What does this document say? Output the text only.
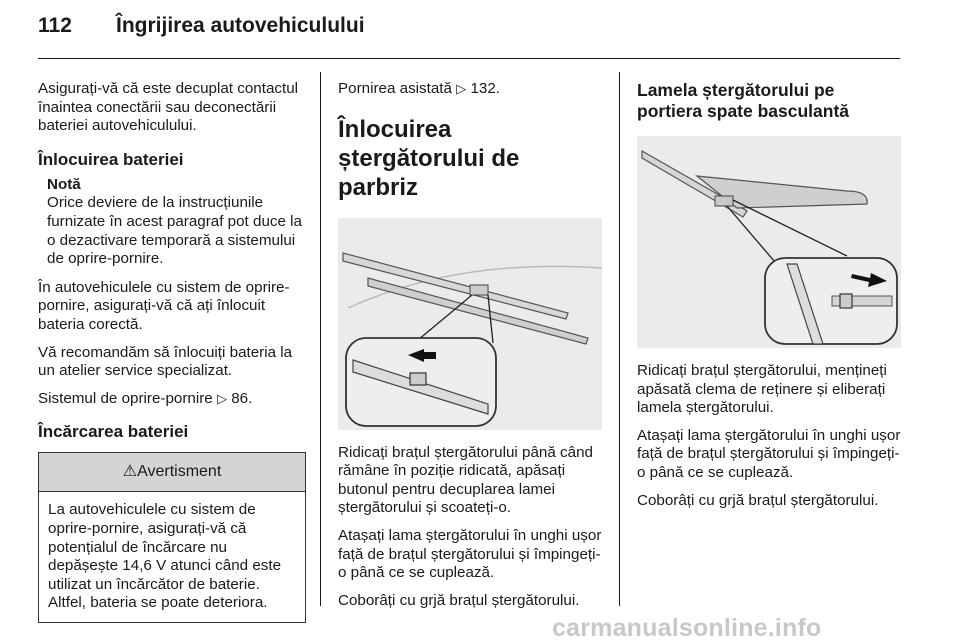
112 Îngrijirea autovehiculului

Asigurați-vă că este decuplat contactul înaintea conectării sau deconectării bateriei autovehiculului.

Înlocuirea bateriei
Notă
Orice deviere de la instrucțiunile furnizate în acest paragraf pot duce la o dezactivare temporară a sistemului de oprire-pornire.

În autovehiculele cu sistem de oprire-pornire, asigurați-vă că ați înlocuit bateria corectă.

Vă recomandăm să înlocuiți bateria la un atelier service specializat.

Sistemul de oprire-pornire ▷ 86.

Încărcarea bateriei
⚠Avertisment
La autovehiculele cu sistem de oprire-pornire, asigurați-vă că potențialul de încărcare nu depășește 14,6 V atunci când este utilizat un încărcător de baterie. Altfel, bateria se poate deteriora.

Pornirea asistată ▷ 132.

Înlocuirea ștergătorului de parbriz

Ridicați brațul ștergătorului până când rămâne în poziție ridicată, apăsați butonul pentru decuplarea lamei ștergătorului și scoateți-o.

Atașați lama ștergătorului în unghi ușor față de brațul ștergătorului și împingeți-o până ce se cuplează.

Coborâți cu grjă brațul ștergătorului.

Lamela ștergătorului pe portiera spate basculantă

Ridicați brațul ștergătorului, mențineți apăsată clema de reținere și eliberați lamela ștergătorului.

Atașați lama ștergătorului în unghi ușor față de brațul ștergătorului și împingeți-o până ce se cuplează.

Coborâți cu grjă brațul ștergătorului.

carmanualsonline.info
